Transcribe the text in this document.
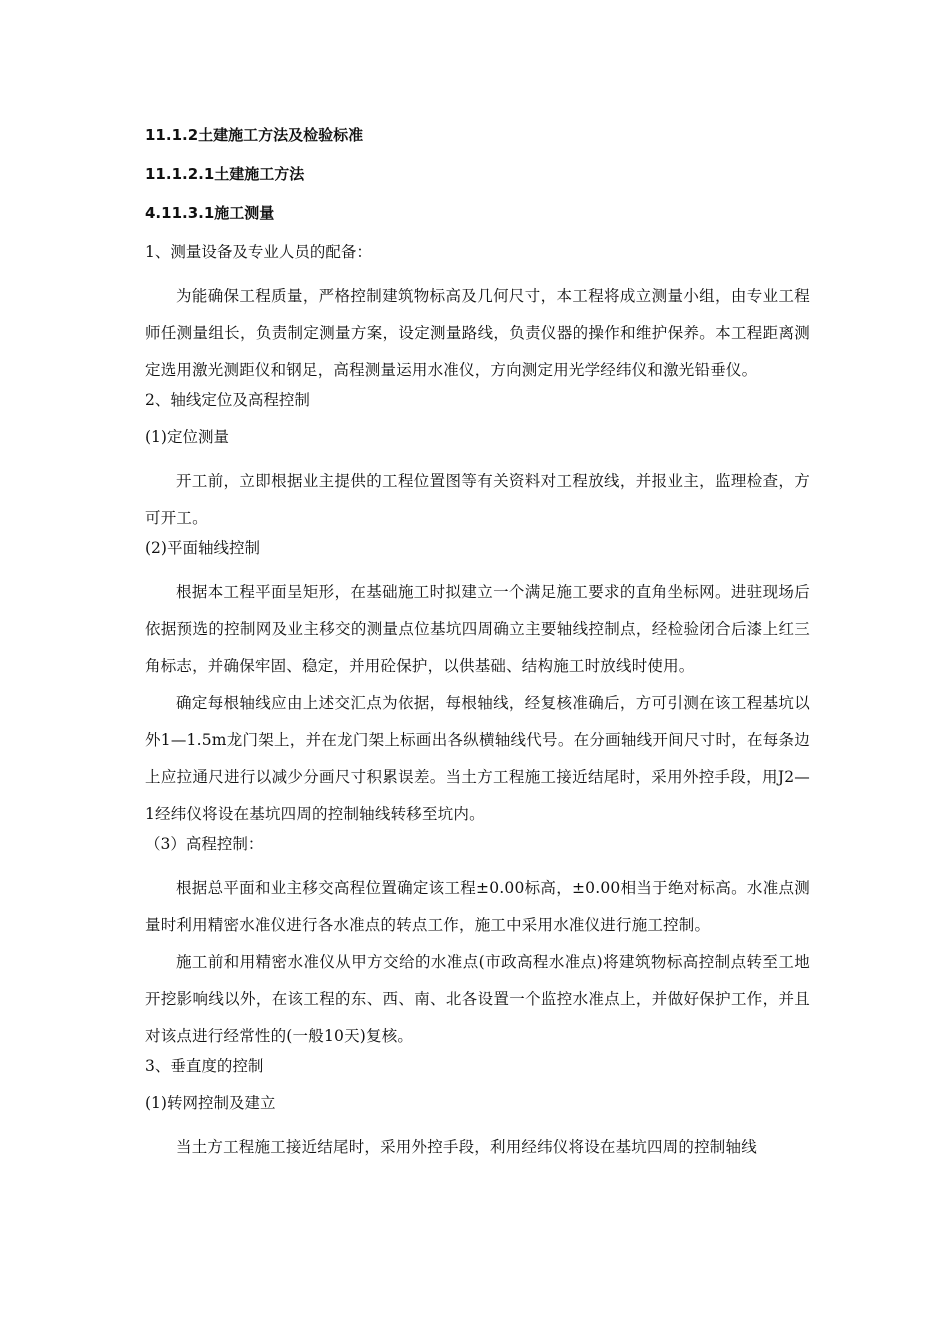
11.1.2土建施工方法及检验标准

11.1.2.1土建施工方法

4.11.3.1施工测量

1、测量设备及专业人员的配备：

为能确保工程质量，严格控制建筑物标高及几何尺寸，本工程将成立测量小组，由专业工程师任测量组长，负责制定测量方案，设定测量路线，负责仪器的操作和维护保养。本工程距离测定选用激光测距仪和钢足，高程测量运用水准仪，方向测定用光学经纬仪和激光铅垂仪。

2、轴线定位及高程控制

(1)定位测量

开工前，立即根据业主提供的工程位置图等有关资料对工程放线，并报业主，监理检查，方可开工。

(2)平面轴线控制

根据本工程平面呈矩形，在基础施工时拟建立一个满足施工要求的直角坐标网。进驻现场后依据预选的控制网及业主移交的测量点位基坑四周确立主要轴线控制点，经检验闭合后漆上红三角标志，并确保牢固、稳定，并用砼保护，以供基础、结构施工时放线时使用。

确定每根轴线应由上述交汇点为依据，每根轴线，经复核准确后，方可引测在该工程基坑以外1—1.5m龙门架上，并在龙门架上标画出各纵横轴线代号。在分画轴线开间尺寸时，在每条边上应拉通尺进行以减少分画尺寸积累误差。当土方工程施工接近结尾时，采用外控手段，用J2—1经纬仪将设在基坑四周的控制轴线转移至坑内。

（3）高程控制：

根据总平面和业主移交高程位置确定该工程±0.00标高，±0.00相当于绝对标高。水准点测量时利用精密水准仪进行各水准点的转点工作，施工中采用水准仪进行施工控制。

施工前和用精密水准仪从甲方交给的水准点(市政高程水准点)将建筑物标高控制点转至工地开挖影响线以外，在该工程的东、西、南、北各设置一个监控水准点上，并做好保护工作，并且对该点进行经常性的(一般10天)复核。

3、垂直度的控制

(1)转网控制及建立

当土方工程施工接近结尾时，采用外控手段，利用经纬仪将设在基坑四周的控制轴线
